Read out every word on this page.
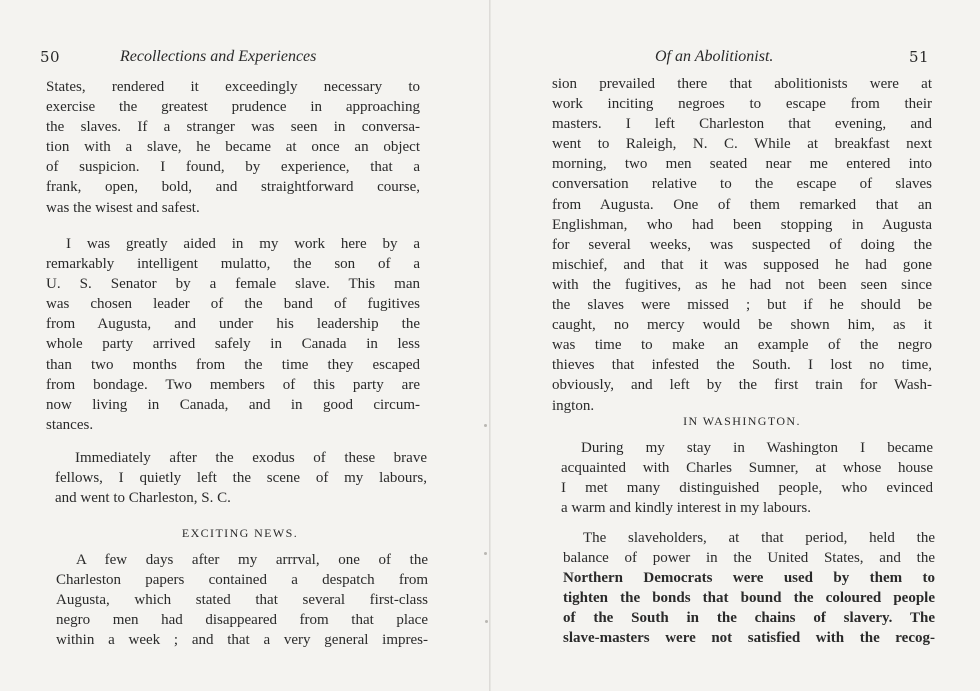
50	Recollections and Experiences
States, rendered it exceedingly necessary to
exercise the greatest prudence in approaching
the slaves. If a stranger was seen in conversa-
tion with a slave, he became at once an object
of suspicion. I found, by experience, that a
frank, open, bold, and straightforward course,
was the wisest and safest.
I was greatly aided in my work here by a
remarkably intelligent mulatto, the son of a
U. S. Senator by a female slave. This man
was chosen leader of the band of fugitives
from Augusta, and under his leadership the
whole party arrived safely in Canada in less
than two months from the time they escaped
from bondage. Two members of this party are
now living in Canada, and in good circum-
stances.
Immediately after the exodus of these brave
fellows, I quietly left the scene of my labours,
and went to Charleston, S. C.
EXCITING NEWS.
A few days after my arrrval, one of the
Charleston papers contained a despatch from
Augusta, which stated that several first-class
negro men had disappeared from that place
within a week ; and that a very general impres-
Of an Abolitionist.	51
sion prevailed there that abolitionists were at
work inciting negroes to escape from their
masters. I left Charleston that evening, and
went to Raleigh, N. C. While at breakfast next
morning, two men seated near me entered into
conversation relative to the escape of slaves
from Augusta. One of them remarked that an
Englishman, who had been stopping in Augusta
for several weeks, was suspected of doing the
mischief, and that it was supposed he had gone
with the fugitives, as he had not been seen since
the slaves were missed ; but if he should be
caught, no mercy would be shown him, as it
was time to make an example of the negro
thieves that infested the South. I lost no time,
obviously, and left by the first train for Wash-
ington.
IN WASHINGTON.
During my stay in Washington I became
acquainted with Charles Sumner, at whose house
I met many distinguished people, who evinced
a warm and kindly interest in my labours.
The slaveholders, at that period, held the
balance of power in the United States, and the
Northern Democrats were used by them to
tighten the bonds that bound the coloured people
of the South in the chains of slavery. The
slave-masters were not satisfied with the recog-
